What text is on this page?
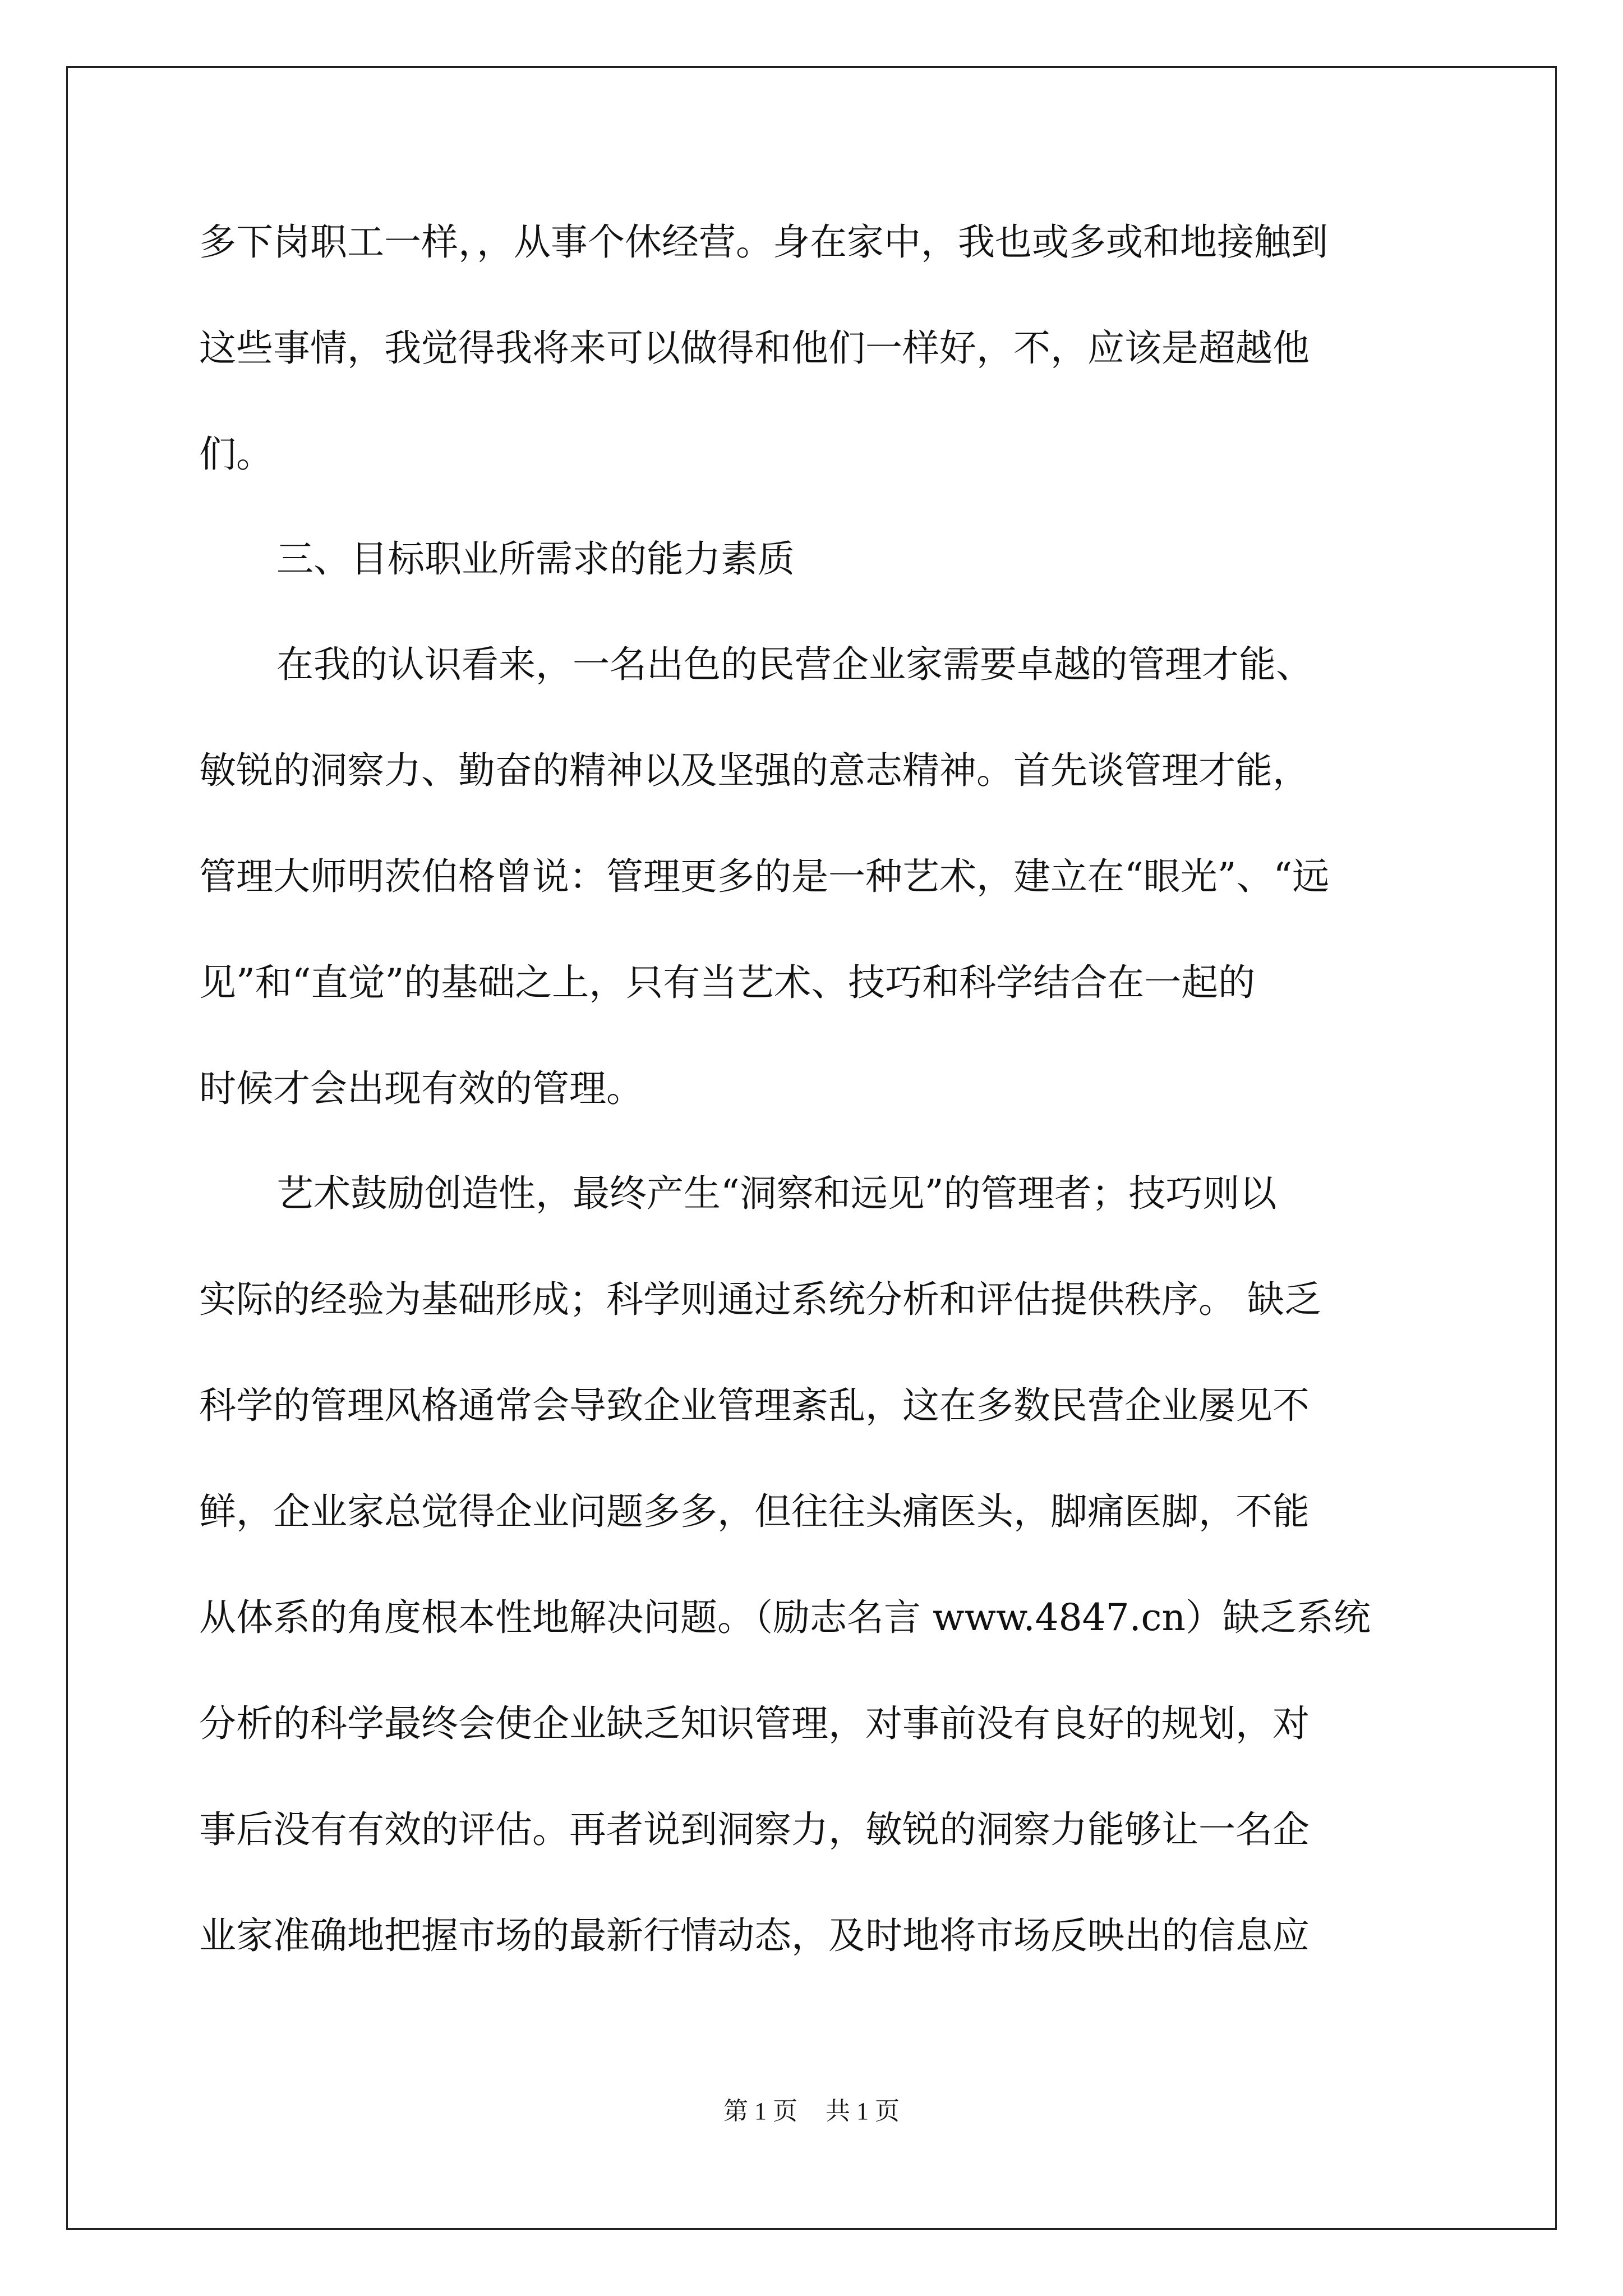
多下岗职工一样，，从事个休经营。身在家中，我也或多或和地接触到
这些事情，我觉得我将来可以做得和他们一样好，不，应该是超越他
们。
三、目标职业所需求的能力素质
在我的认识看来，一名出色的民营企业家需要卓越的管理才能、
敏锐的洞察力、勤奋的精神以及坚强的意志精神。首先谈管理才能，
管理大师明茨伯格曾说：管理更多的是一种艺术，建立在“眼光”、“远
见”和“直觉”的基础之上，只有当艺术、技巧和科学结合在一起的
时候才会出现有效的管理。
艺术鼓励创造性，最终产生“洞察和远见”的管理者；技巧则以
实际的经验为基础形成；科学则通过系统分析和评估提供秩序。 缺乏
科学的管理风格通常会导致企业管理紊乱，这在多数民营企业屡见不
鲜，企业家总觉得企业问题多多，但往往头痛医头，脚痛医脚，不能
从体系的角度根本性地解决问题。（励志名言 www.4847.cn）缺乏系统
分析的科学最终会使企业缺乏知识管理，对事前没有良好的规划，对
事后没有有效的评估。再者说到洞察力，敏锐的洞察力能够让一名企
业家准确地把握市场的最新行情动态，及时地将市场反映出的信息应
第 1 页 共 1 页
